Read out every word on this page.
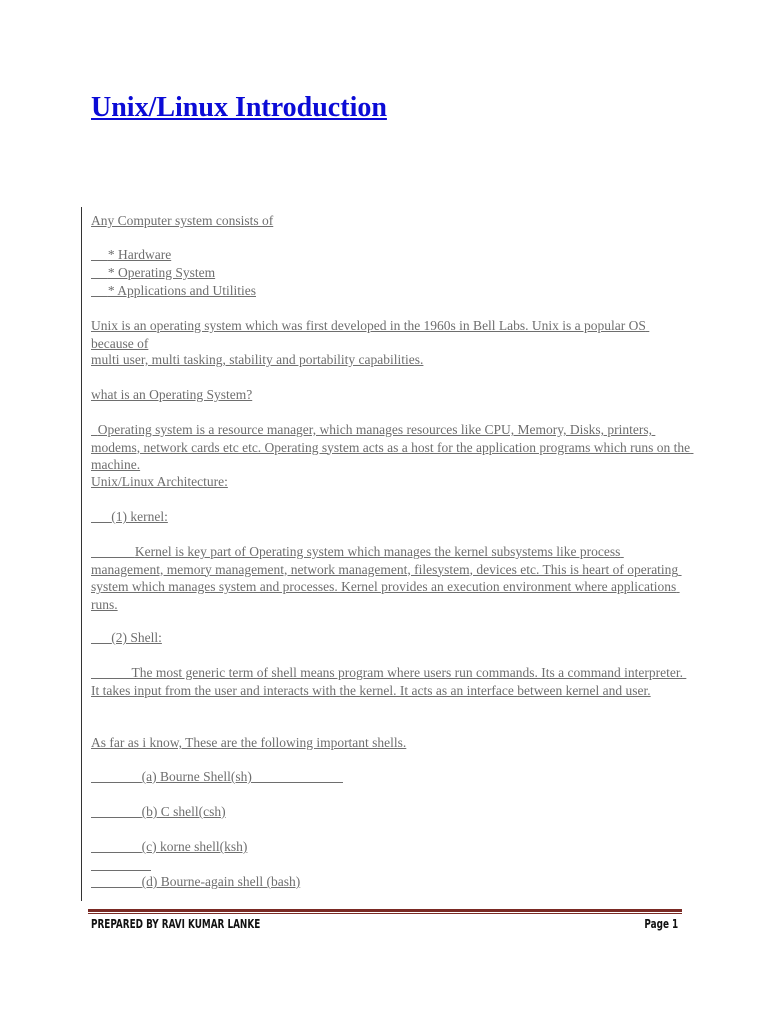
Unix/Linux Introduction

Any Computer system consists of

* Hardware

* Operating System

* Applications and Utilities

Unix is an operating system which was first developed in the 1960s in Bell Labs. Unix is a popular OS because of

multi user, multi tasking, stability and portability capabilities.

what is an Operating System?

Operating system is a resource manager, which manages resources like CPU, Memory, Disks, printers, modems, network cards etc etc. Operating system acts as a host for the application programs which runs on the machine.

Unix/Linux Architecture:

(1) kernel:

Kernel is key part of Operating system which manages the kernel subsystems like process management, memory management, network management, filesystem, devices etc. This is heart of operating system which manages system and processes. Kernel provides an execution environment where applications runs.

(2) Shell:

The most generic term of shell means program where users run commands. Its a command interpreter. It takes input from the user and interacts with the kernel. It acts as an interface between kernel and user.

As far as i know, These are the following important shells.

(a) Bourne Shell(sh)

(b) C shell(csh)

(c) korne shell(ksh)

(d) Bourne-again shell (bash)

PREPARED BY RAVI KUMAR LANKE	Page 1
